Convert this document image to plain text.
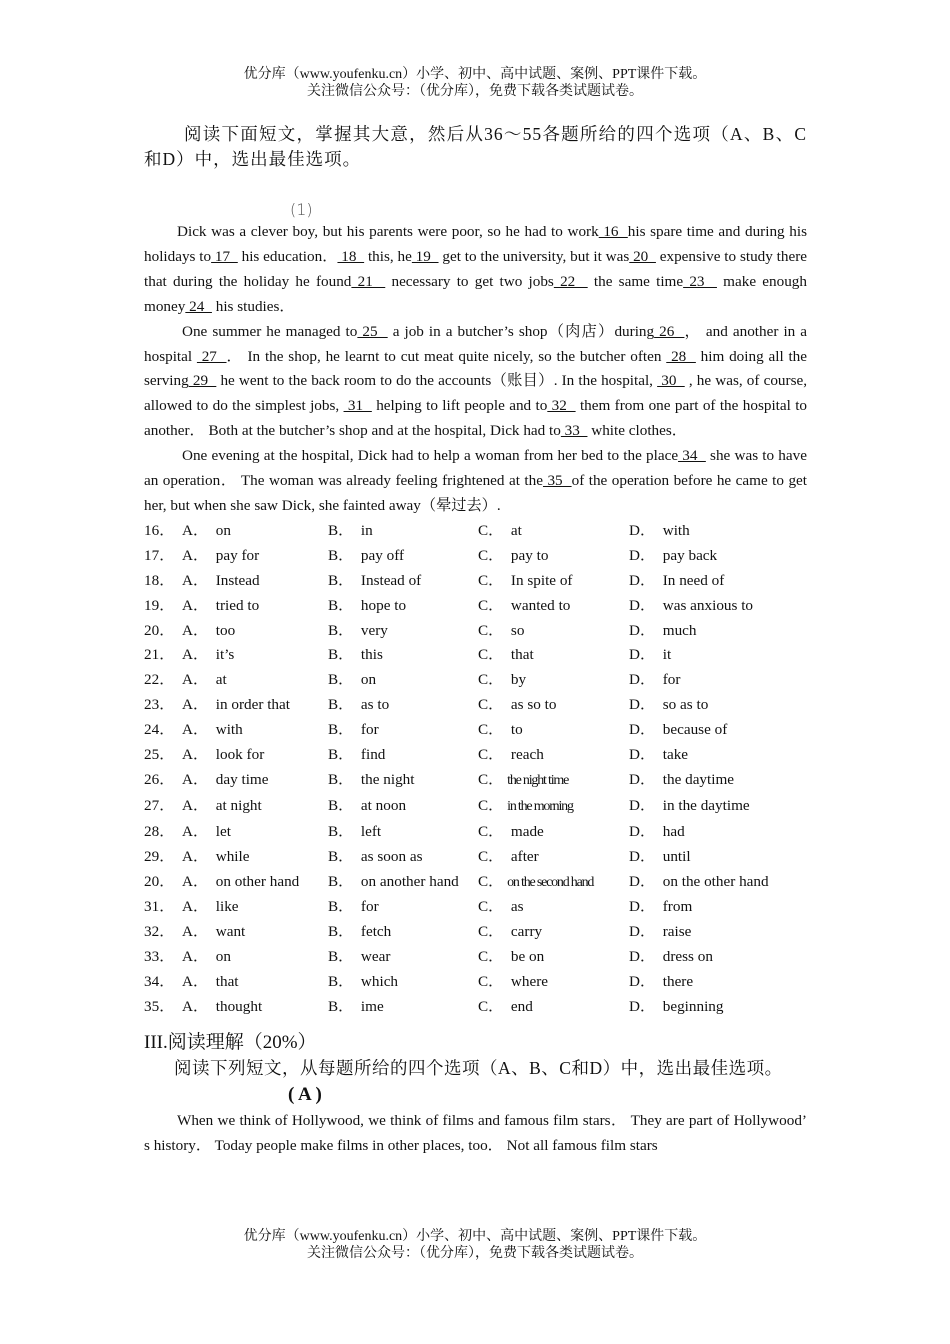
优分库（www.youfenku.cn）小学、初中、高中试题、案例、PPT课件下载。
关注微信公众号：（优分库），免费下载各类试题试卷。

阅读下面短文，掌握其大意，然后从36～55各题所给的四个选项（A、B、C和D）中，选出最佳选项。

(1)

Dick was a clever boy, but his parents were poor, so he had to work 16  his spare time and during his holidays to 17   his education． 18   this, he 19   get to the university, but it was 20   expensive to study there that during the holiday he found 21   necessary to get two jobs 22   the same time 23   make enough money 24   his studies．

One summer he managed to 25   a job in a butcher’s shop（肉店）during 26  ， and another in a hospital  27  ． In the shop, he learnt to cut meat quite nicely, so the butcher often  28   him doing all the serving 29   he went to the back room to do the accounts（账目）. In the hospital,  30   , he was, of course, allowed to do the simplest jobs,  31   helping to lift people and to 32   them from one part of the hospital to another． Both at the butcher’s shop and at the hospital, Dick had to 33   white clothes．

One evening at the hospital, Dick had to help a woman from her bed to the place 34   she was to have an operation． The woman was already feeling frightened at the 35  of the operation before he came to get her, but when she saw Dick, she fainted away（晕过去）.

16． A．  on	B．  in	C．  at	D．  with
17． A．  pay for	B．  pay off	C．  pay to	D．  pay back
18． A．  Instead	B．  Instead of	C．  In spite of	D．  In need of
19． A．  tried to	B．  hope to	C．  wanted to	D．  was anxious to
20． A．  too	B．  very	C．  so	D．  much
21． A．  it’s	B．  this	C．  that	D．  it
22． A．  at	B．  on	C．  by	D．  for
23． A．  in order that	B．  as to	C．  as so to	D．  so as to
24． A．  with	B．  for	C．  to	D．  because of
25． A．  look for	B．  find	C．  reach	D．  take
26． A．  day time	B．  the night	C． the night time	D．  the daytime
27． A．  at night	B．  at noon	C． in the morning	D．  in the daytime
28． A．  let	B．  left	C．  made	D．  had
29． A．  while	B．  as soon as	C．  after	D．  until
20． A．  on other hand	B．  on another hand	C． on the second hand	D．  on the other hand
31． A．  like	B．  for	C．  as	D．  from
32． A．  want	B．  fetch	C．  carry	D．  raise
33． A．  on	B．  wear	C．  be on	D．  dress on
34． A．  that	B．  which	C．  where	D．  there
35． A．  thought	B．  ime	C．  end	D．  beginning
III.阅读理解（20%）

阅读下列短文，从每题所给的四个选项（A、B、C和D）中，选出最佳选项。

( A )

When we think of Hollywood, we think of films and famous film stars． They are part of Hollywood’ s history． Today people make films in other places, too． Not all famous film stars

优分库（www.youfenku.cn）小学、初中、高中试题、案例、PPT课件下载。
关注微信公众号：（优分库），免费下载各类试题试卷。
